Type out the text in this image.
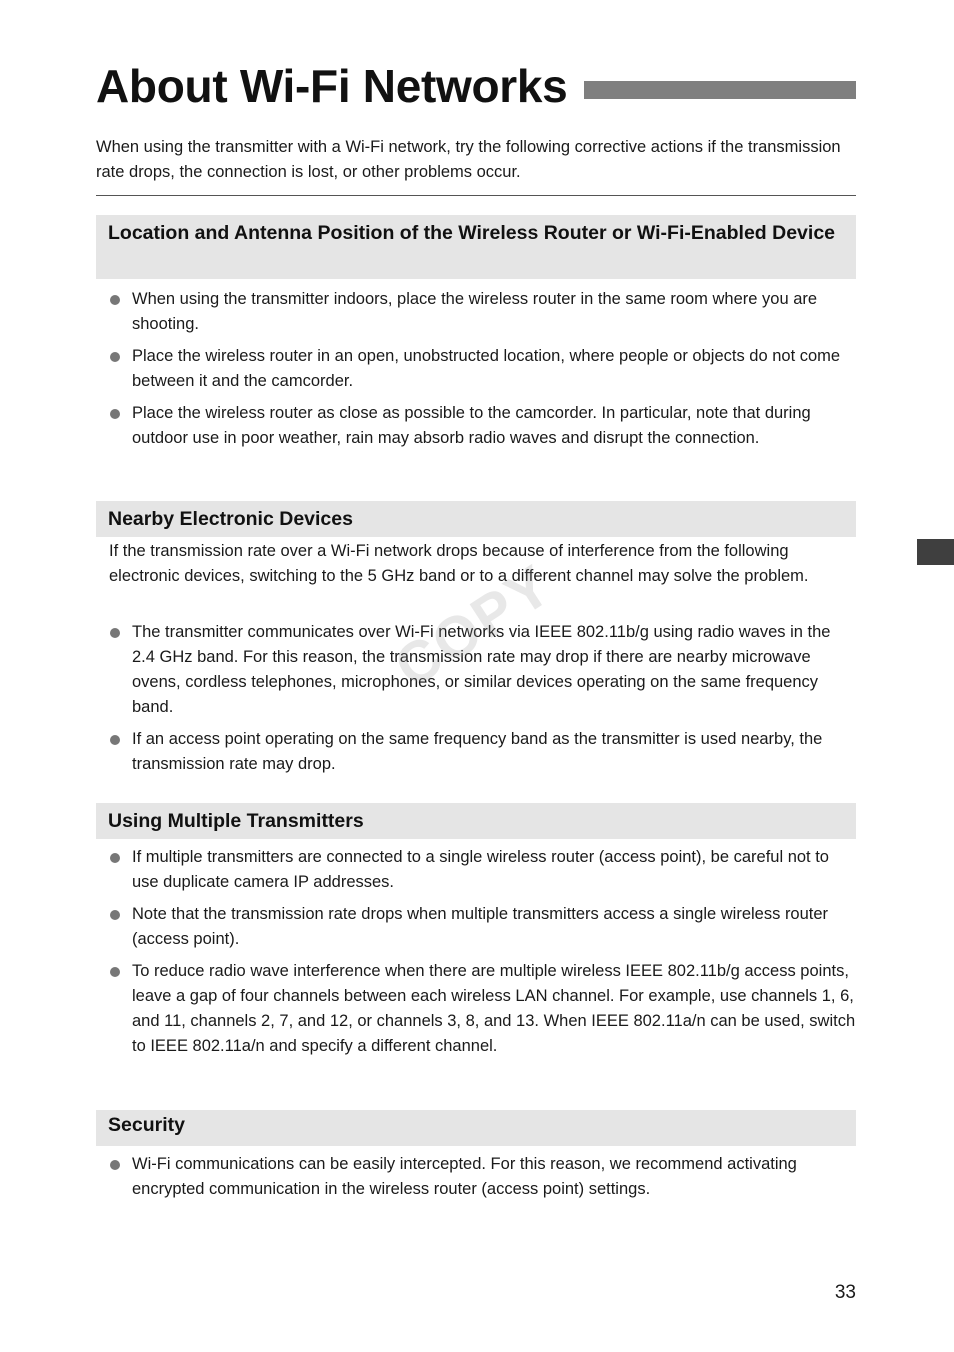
About Wi-Fi Networks

When using the transmitter with a Wi-Fi network, try the following corrective actions if the transmission rate drops, the connection is lost, or other problems occur.

Location and Antenna Position of the Wireless Router or Wi-Fi-Enabled Device
When using the transmitter indoors, place the wireless router in the same room where you are shooting.
Place the wireless router in an open, unobstructed location, where people or objects do not come between it and the camcorder.
Place the wireless router as close as possible to the camcorder. In particular, note that during outdoor use in poor weather, rain may absorb radio waves and disrupt the connection.
Nearby Electronic Devices

If the transmission rate over a Wi-Fi network drops because of interference from the following electronic devices, switching to the 5 GHz band or to a different channel may solve the problem.

The transmitter communicates over Wi-Fi networks via IEEE 802.11b/g using radio waves in the 2.4 GHz band. For this reason, the transmission rate may drop if there are nearby microwave ovens, cordless telephones, microphones, or similar devices operating on the same frequency band.
If an access point operating on the same frequency band as the transmitter is used nearby, the transmission rate may drop.
Using Multiple Transmitters
If multiple transmitters are connected to a single wireless router (access point), be careful not to use duplicate camera IP addresses.
Note that the transmission rate drops when multiple transmitters access a single wireless router (access point).
To reduce radio wave interference when there are multiple wireless IEEE 802.11b/g access points, leave a gap of four channels between each wireless LAN channel. For example, use channels 1, 6, and 11, channels 2, 7, and 12, or channels 3, 8, and 13. When IEEE 802.11a/n can be used, switch to IEEE 802.11a/n and specify a different channel.
Security
Wi-Fi communications can be easily intercepted. For this reason, we recommend activating encrypted communication in the wireless router (access point) settings.
COPY
33
